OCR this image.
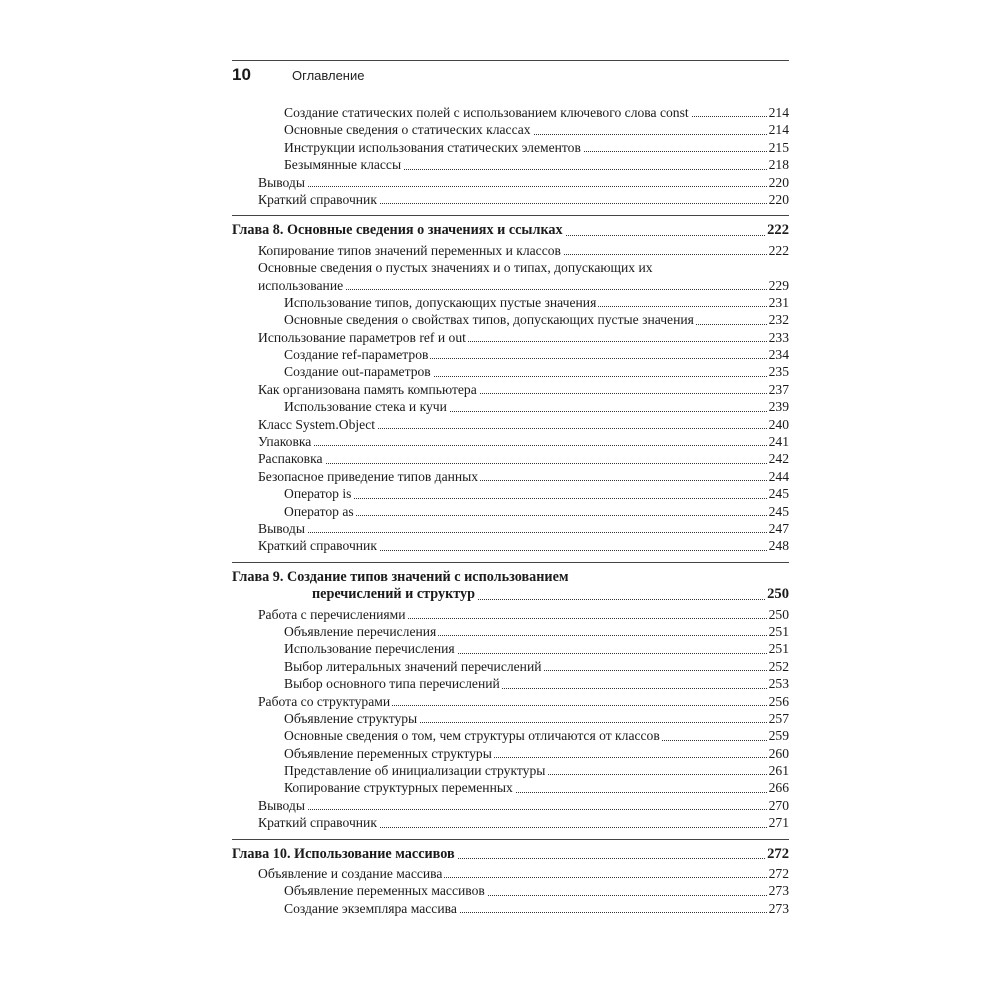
10	Оглавление
Создание статических полей с использованием ключевого слова const	214
Основные сведения о статических классах	214
Инструкции использования статических элементов	215
Безымянные классы	218
Выводы	220
Краткий справочник	220
Глава 8. Основные сведения о значениях и ссылках	222
Копирование типов значений переменных и классов	222
Основные сведения о пустых значениях и о типах, допускающих их
использование	229
Использование типов, допускающих пустые значения	231
Основные сведения о свойствах типов, допускающих пустые значения	232
Использование параметров ref и out	233
Создание ref-параметров	234
Создание out-параметров	235
Как организована память компьютера	237
Использование стека и кучи	239
Класс System.Object	240
Упаковка	241
Распаковка	242
Безопасное приведение типов данных	244
Оператор is	245
Оператор as	245
Выводы	247
Краткий справочник	248
Глава 9. Создание типов значений с использованием
перечислений и структур	250
Работа с перечислениями	250
Объявление перечисления	251
Использование перечисления	251
Выбор литеральных значений перечислений	252
Выбор основного типа перечислений	253
Работа со структурами	256
Объявление структуры	257
Основные сведения о том, чем структуры отличаются от классов	259
Объявление переменных структуры	260
Представление об инициализации структуры	261
Копирование структурных переменных	266
Выводы	270
Краткий справочник	271
Глава 10. Использование массивов	272
Объявление и создание массива	272
Объявление переменных массивов	273
Создание экземпляра массива	273
